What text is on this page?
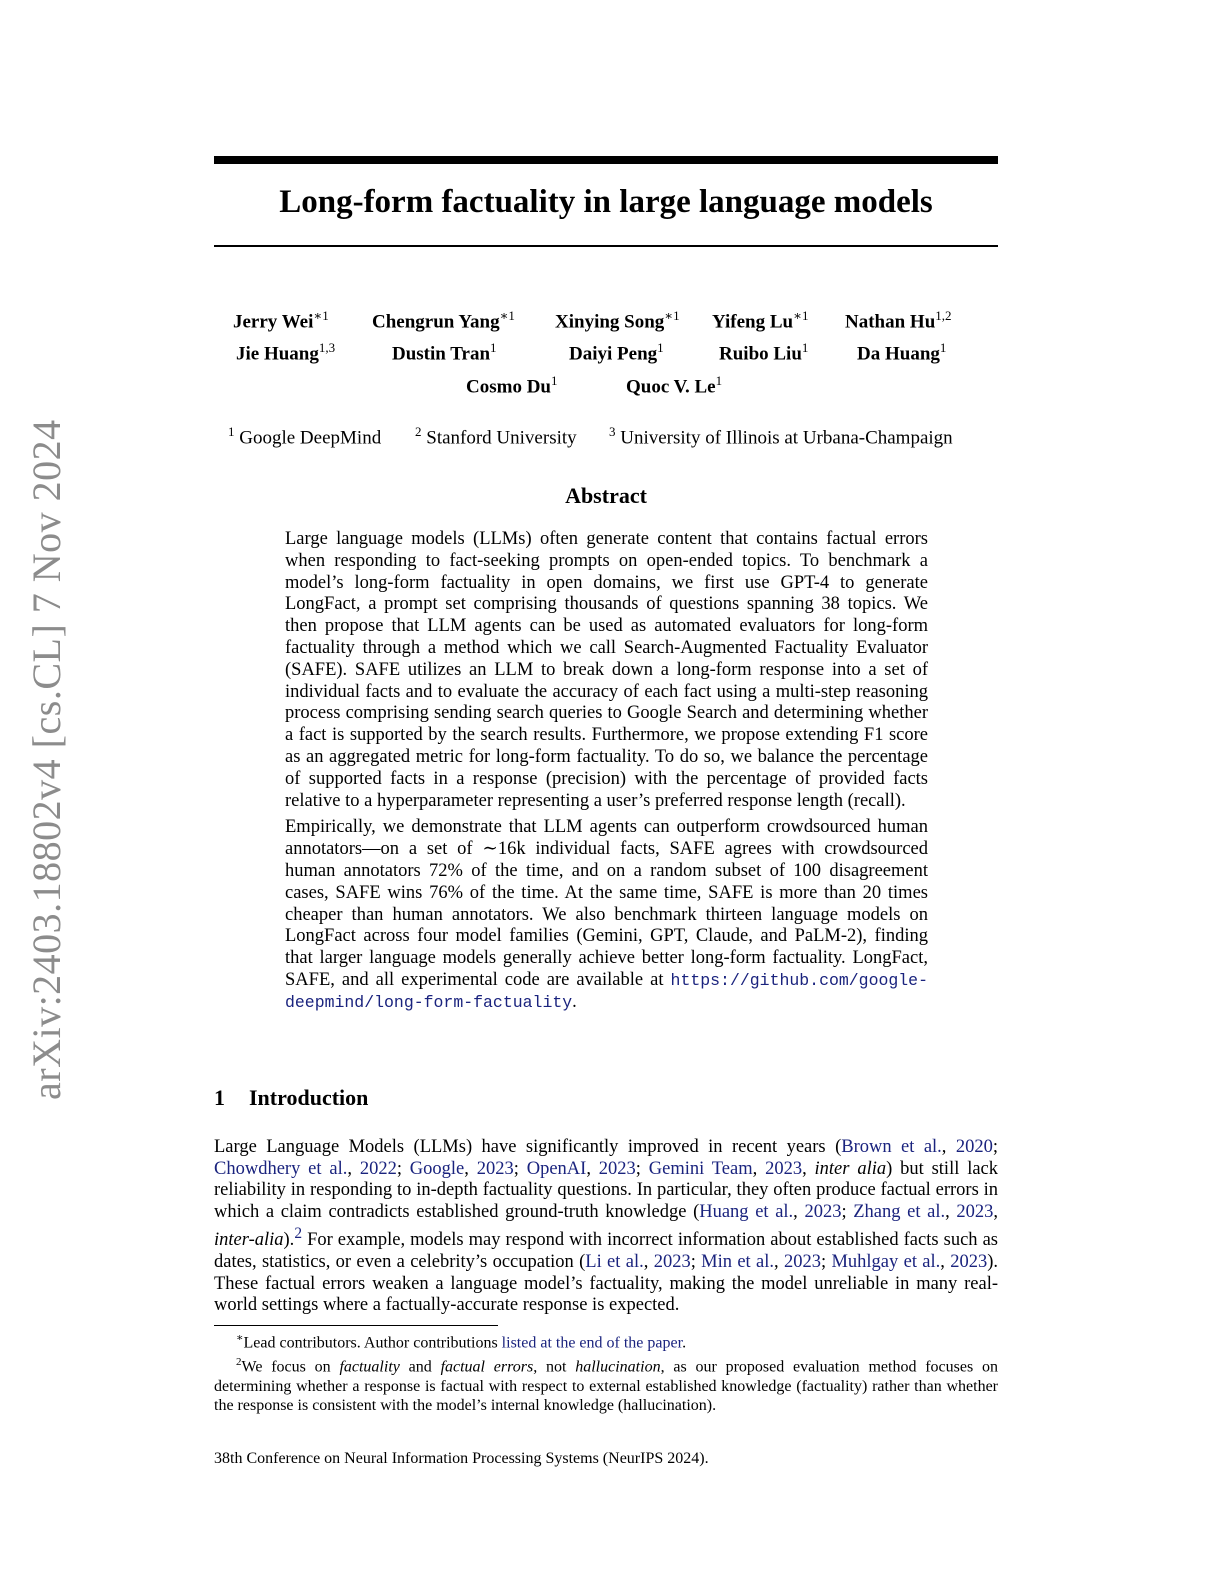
arXiv:2403.18802v4 [cs.CL] 7 Nov 2024
Long-form factuality in large language models
Jerry Wei$^{∗1}$ Chengrun Yang$^{∗1}$ Xinying Song$^{∗1}$ Yifeng $Lu^{∗1}$ Nathan Hu$^{1,2}$
Jie Huang$^{1,3}$	Dustin Tran$^1$	Daiyi Peng$^1$	Ruibo Liu$^1$	Da Huang$^1$
Cosmo Du$^1$	Quoc V. Le$^1$
$^1$ Google DeepMind	$^2$ Stanford University $^3$ University of Illinois at Urbana-Champaign
Abstract

Large language models (LLMs) often generate content that contains factual errors when responding to fact-seeking prompts on open-ended topics. To benchmark a model’s long-form factuality in open domains, we first use GPT-4 to generate LongFact, a prompt set comprising thousands of questions spanning 38 topics. We then propose that LLM agents can be used as automated evaluators for long-form factuality through a method which we call Search-Augmented Factuality Evaluator (SAFE). SAFE utilizes an LLM to break down a long-form response into a set of individual facts and to evaluate the accuracy of each fact using a multi-step reasoning process comprising sending search queries to Google Search and determining whether a fact is supported by the search results. Furthermore, we propose extending F1 score as an aggregated metric for long-form factuality. To do so, we balance the percentage of supported facts in a response (precision) with the percentage of provided facts relative to a hyperparameter representing a user’s preferred response length (recall).

Empirically, we demonstrate that LLM agents can outperform crowdsourced human annotators—on a set of ∼16k individual facts, SAFE agrees with crowdsourced human annotators 72% of the time, and on a random subset of 100 disagreement cases, SAFE wins 76% of the time. At the same time, SAFE is more than 20 times cheaper than human annotators. We also benchmark thirteen language models on LongFact across four model families (Gemini, GPT, Claude, and PaLM-2), finding that larger language models generally achieve better long-form factuality. LongFact, SAFE, and all experimental code are available at https://github.com/google-deepmind/long-form-factuality.

1 Introduction

Large Language Models (LLMs) have significantly improved in recent years (Brown et al., 2020; Chowdhery et al., 2022; Google, 2023; OpenAI, 2023; Gemini Team, 2023, inter alia) but still lack reliability in responding to in-depth factuality questions. In particular, they often produce factual errors in which a claim contradicts established ground-truth knowledge (Huang et al., 2023; Zhang et al., 2023, inter-alia).$^2$ For example, models may respond with incorrect information about established facts such as dates, statistics, or even a celebrity’s occupation (Li et al., 2023; Min et al., 2023; Muhlgay et al., 2023). These factual errors weaken a language model’s factuality, making the model unreliable in many real-world settings where a factually-accurate response is expected.

∗Lead contributors. Author contributions listed at the end of the paper.

$^2$We focus on factuality and factual errors, not hallucination, as our proposed evaluation method focuses on determining whether a response is factual with respect to external established knowledge (factuality) rather than whether the response is consistent with the model’s internal knowledge (hallucination).

38th Conference on Neural Information Processing Systems (NeurIPS 2024).
